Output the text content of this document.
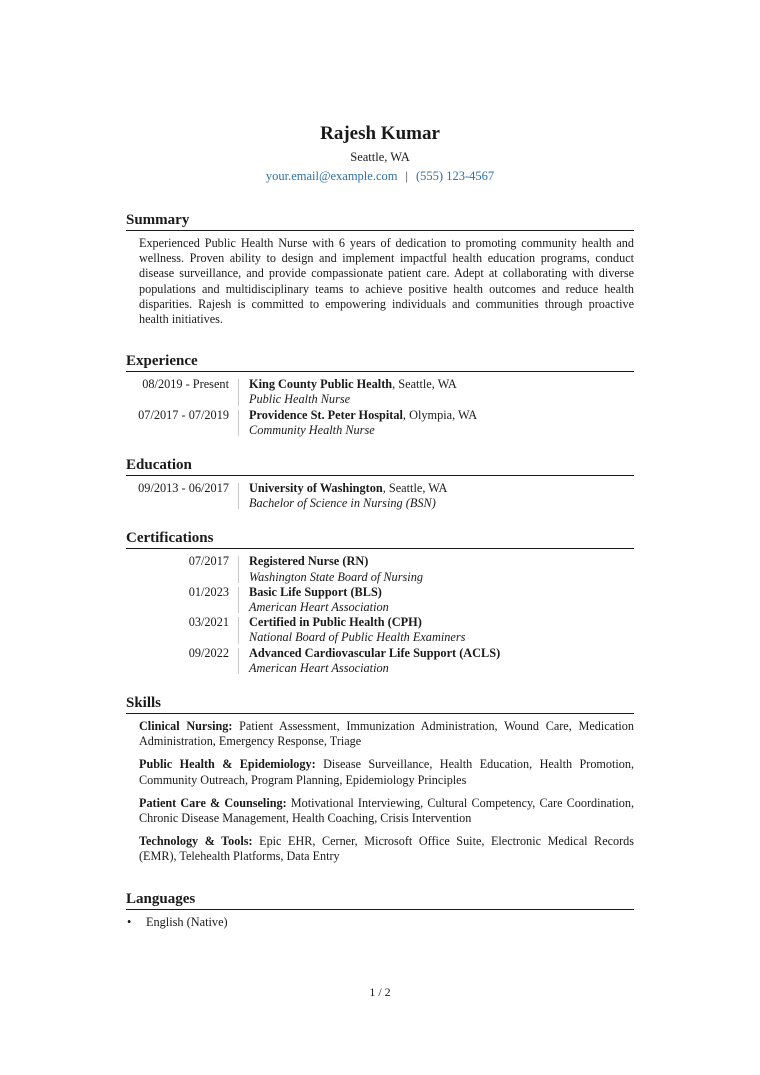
Rajesh Kumar
Seattle, WA
your.email@example.com | (555) 123-4567
Summary
Experienced Public Health Nurse with 6 years of dedication to promoting community health and wellness. Proven ability to design and implement impactful health education programs, conduct disease surveillance, and provide compassionate patient care. Adept at collaborating with diverse populations and multidisciplinary teams to achieve positive health outcomes and reduce health disparities. Rajesh is committed to empowering individuals and communities through proactive health initiatives.
Experience
08/2019 - Present	King County Public Health, Seattle, WA
Public Health Nurse
07/2017 - 07/2019	Providence St. Peter Hospital, Olympia, WA
Community Health Nurse
Education
09/2013 - 06/2017	University of Washington, Seattle, WA
Bachelor of Science in Nursing (BSN)
Certifications
07/2017	Registered Nurse (RN)
Washington State Board of Nursing
01/2023	Basic Life Support (BLS)
American Heart Association
03/2021	Certified in Public Health (CPH)
National Board of Public Health Examiners
09/2022	Advanced Cardiovascular Life Support (ACLS)
American Heart Association
Skills
Clinical Nursing: Patient Assessment, Immunization Administration, Wound Care, Medication Administration, Emergency Response, Triage
Public Health & Epidemiology: Disease Surveillance, Health Education, Health Promotion, Community Outreach, Program Planning, Epidemiology Principles
Patient Care & Counseling: Motivational Interviewing, Cultural Competency, Care Coordination, Chronic Disease Management, Health Coaching, Crisis Intervention
Technology & Tools: Epic EHR, Cerner, Microsoft Office Suite, Electronic Medical Records (EMR), Telehealth Platforms, Data Entry
Languages
•	English (Native)
1 / 2
